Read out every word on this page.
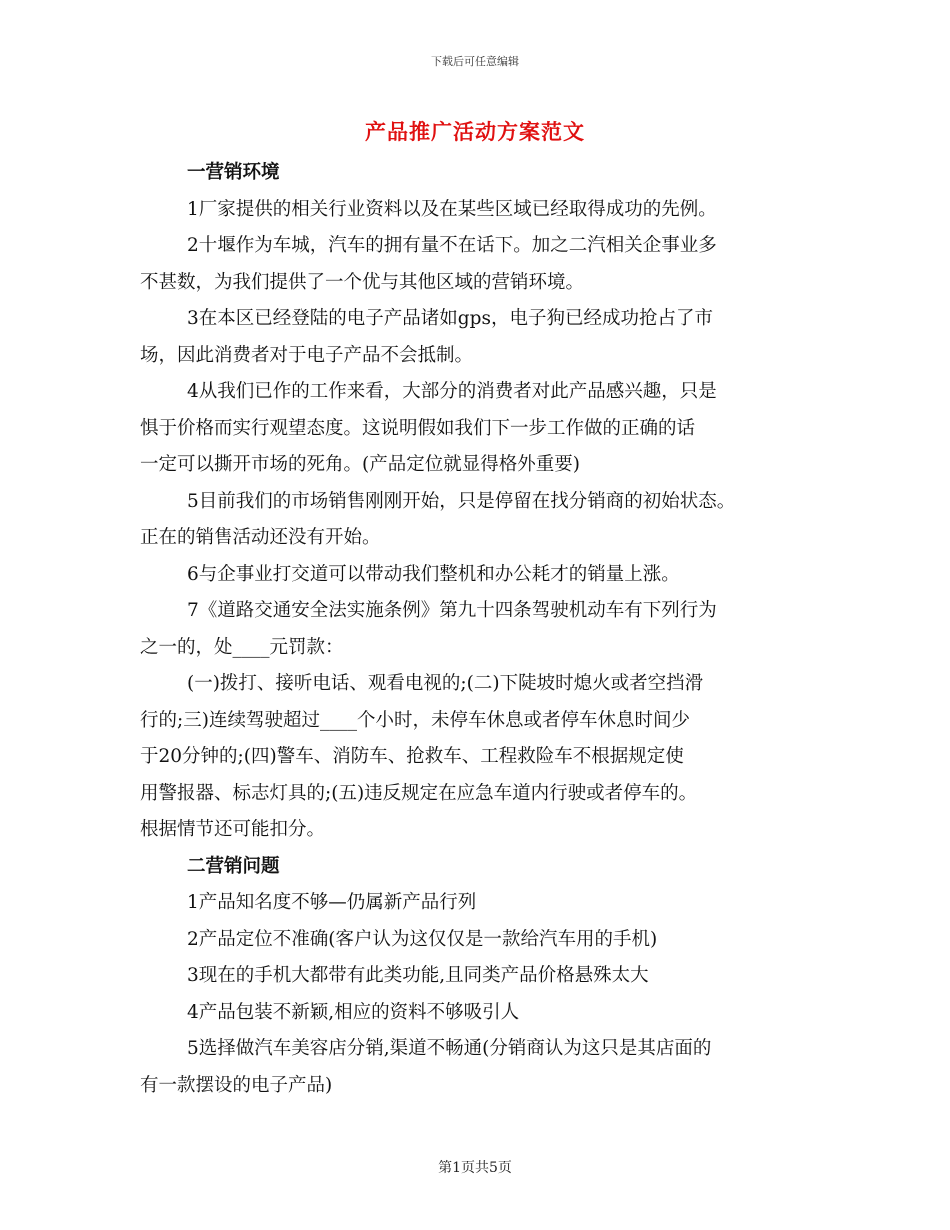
下载后可任意编辑
产品推广活动方案范文
一营销环境
1厂家提供的相关行业资料以及在某些区域已经取得成功的先例。
2十堰作为车城，汽车的拥有量不在话下。加之二汽相关企事业多
不甚数，为我们提供了一个优与其他区域的营销环境。
3在本区已经登陆的电子产品诸如gps，电子狗已经成功抢占了市
场，因此消费者对于电子产品不会抵制。
4从我们已作的工作来看，大部分的消费者对此产品感兴趣，只是
惧于价格而实行观望态度。这说明假如我们下一步工作做的正确的话
一定可以撕开市场的死角。(产品定位就显得格外重要)
5目前我们的市场销售刚刚开始，只是停留在找分销商的初始状态。
正在的销售活动还没有开始。
6与企事业打交道可以带动我们整机和办公耗才的销量上涨。
7《道路交通安全法实施条例》第九十四条驾驶机动车有下列行为
之一的，处____元罚款：
(一)拨打、接听电话、观看电视的;(二)下陡坡时熄火或者空挡滑
行的;三)连续驾驶超过____个小时，未停车休息或者停车休息时间少
于20分钟的;(四)警车、消防车、抢救车、工程救险车不根据规定使
用警报器、标志灯具的;(五)违反规定在应急车道内行驶或者停车的。
根据情节还可能扣分。
二营销问题
1产品知名度不够—仍属新产品行列
2产品定位不准确(客户认为这仅仅是一款给汽车用的手机)
3现在的手机大都带有此类功能,且同类产品价格悬殊太大
4产品包装不新颖,相应的资料不够吸引人
5选择做汽车美容店分销,渠道不畅通(分销商认为这只是其店面的
有一款摆设的电子产品)
第1页共5页
